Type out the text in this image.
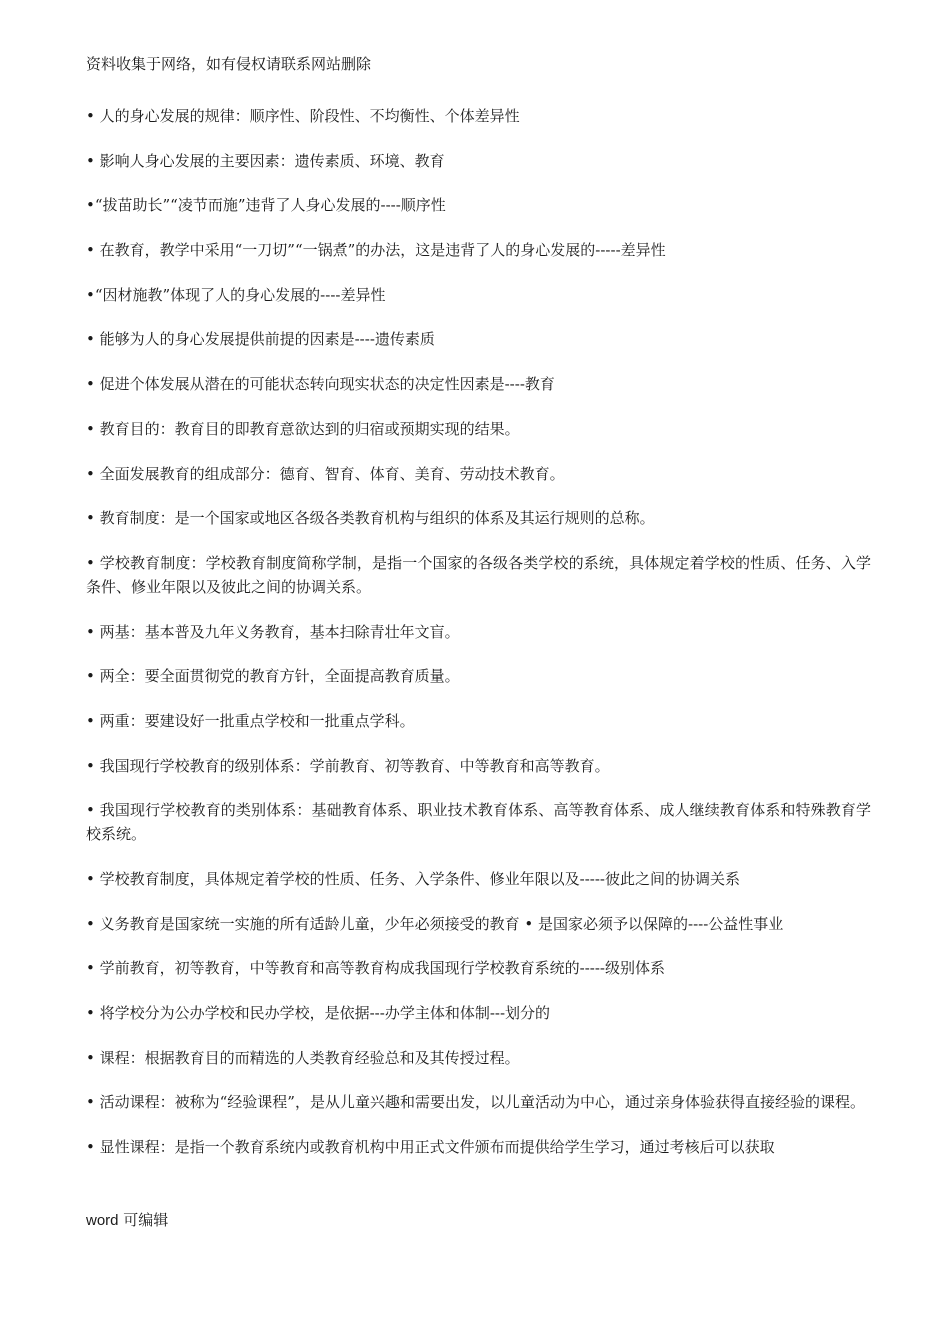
资料收集于网络，如有侵权请联系网站删除
• 人的身心发展的规律：顺序性、阶段性、不均衡性、个体差异性
• 影响人身心发展的主要因素：遗传素质、环境、教育
•“拔苗助长”“凌节而施”违背了人身心发展的----顺序性
• 在教育，教学中采用“一刀切”“一锅煮”的办法，这是违背了人的身心发展的-----差异性
•“因材施教”体现了人的身心发展的----差异性
• 能够为人的身心发展提供前提的因素是----遗传素质
• 促进个体发展从潜在的可能状态转向现实状态的决定性因素是----教育
• 教育目的：教育目的即教育意欲达到的归宿或预期实现的结果。
• 全面发展教育的组成部分：德育、智育、体育、美育、劳动技术教育。
• 教育制度：是一个国家或地区各级各类教育机构与组织的体系及其运行规则的总称。
• 学校教育制度：学校教育制度简称学制，是指一个国家的各级各类学校的系统，具体规定着学校的性质、任务、入学条件、修业年限以及彼此之间的协调关系。
• 两基：基本普及九年义务教育，基本扫除青壮年文盲。
• 两全：要全面贯彻党的教育方针，全面提高教育质量。
• 两重：要建设好一批重点学校和一批重点学科。
• 我国现行学校教育的级别体系：学前教育、初等教育、中等教育和高等教育。
• 我国现行学校教育的类别体系：基础教育体系、职业技术教育体系、高等教育体系、成人继续教育体系和特殊教育学校系统。
• 学校教育制度，具体规定着学校的性质、任务、入学条件、修业年限以及-----彼此之间的协调关系
• 义务教育是国家统一实施的所有适龄儿童，少年必须接受的教育 • 是国家必须予以保障的----公益性事业
• 学前教育，初等教育，中等教育和高等教育构成我国现行学校教育系统的-----级别体系
• 将学校分为公办学校和民办学校，是依据---办学主体和体制---划分的
• 课程：根据教育目的而精选的人类教育经验总和及其传授过程。
• 活动课程：被称为“经验课程”，是从儿童兴趣和需要出发，以儿童活动为中心，通过亲身体验获得直接经验的课程。
• 显性课程：是指一个教育系统内或教育机构中用正式文件颁布而提供给学生学习，通过考核后可以获取
word 可编辑
